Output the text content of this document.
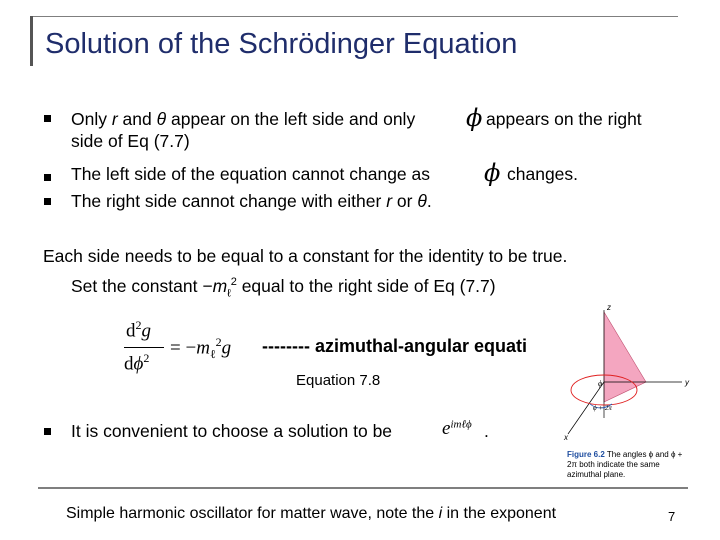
Solution of the Schrödinger Equation
Only r and θ appear on the left side and only ϕ appears on the right
side of Eq (7.7)
The left side of the equation cannot change as ϕ changes.
The right side cannot change with either r or θ.
Each side needs to be equal to a constant for the identity to be true.
Set the constant $-m_\ell^2$ equal to the right side of Eq (7.7)
$d^2g$
$d\phi^2 = -m_\ell^2g$ -------- azimuthal-angular equati
Equation 7.8
z
y
x
ϕ
ϕ + 2π
Figure 6.2 The angles ϕ and ϕ +
2π both indicate the same
azimuthal plane.
It is convenient to choose a solution to be	$e^{im\ell\phi}$ .
Simple harmonic oscillator for matter wave, note the i in the exponent	7
